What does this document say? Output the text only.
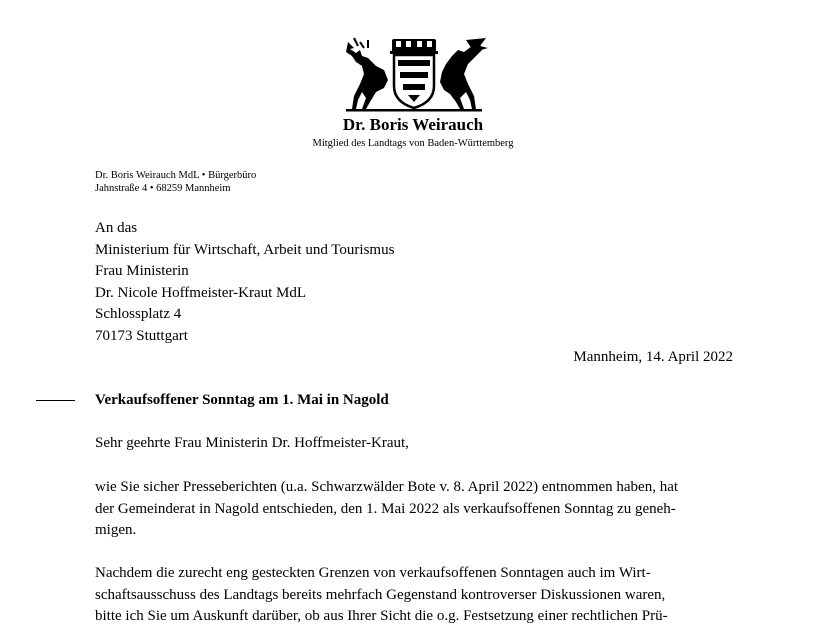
Dr. Boris Weirauch
Mitglied des Landtags von Baden-Württemberg
Dr. Boris Weirauch MdL • Bürgerbüro
Jahnstraße 4 • 68259 Mannheim
An das
Ministerium für Wirtschaft, Arbeit und Tourismus
Frau Ministerin
Dr. Nicole Hoffmeister-Kraut MdL
Schlossplatz 4
70173 Stuttgart
Mannheim, 14. April 2022
Verkaufsoffener Sonntag am 1. Mai in Nagold
Sehr geehrte Frau Ministerin Dr. Hoffmeister-Kraut,
wie Sie sicher Presseberichten (u.a. Schwarzwälder Bote v. 8. April 2022) entnommen haben, hat
der Gemeinderat in Nagold entschieden, den 1. Mai 2022 als verkaufsoffenen Sonntag zu geneh-
migen.
Nachdem die zurecht eng gesteckten Grenzen von verkaufsoffenen Sonntagen auch im Wirt-
schaftsausschuss des Landtags bereits mehrfach Gegenstand kontroverser Diskussionen waren,
bitte ich Sie um Auskunft darüber, ob aus Ihrer Sicht die o.g. Festsetzung einer rechtlichen Prü-
